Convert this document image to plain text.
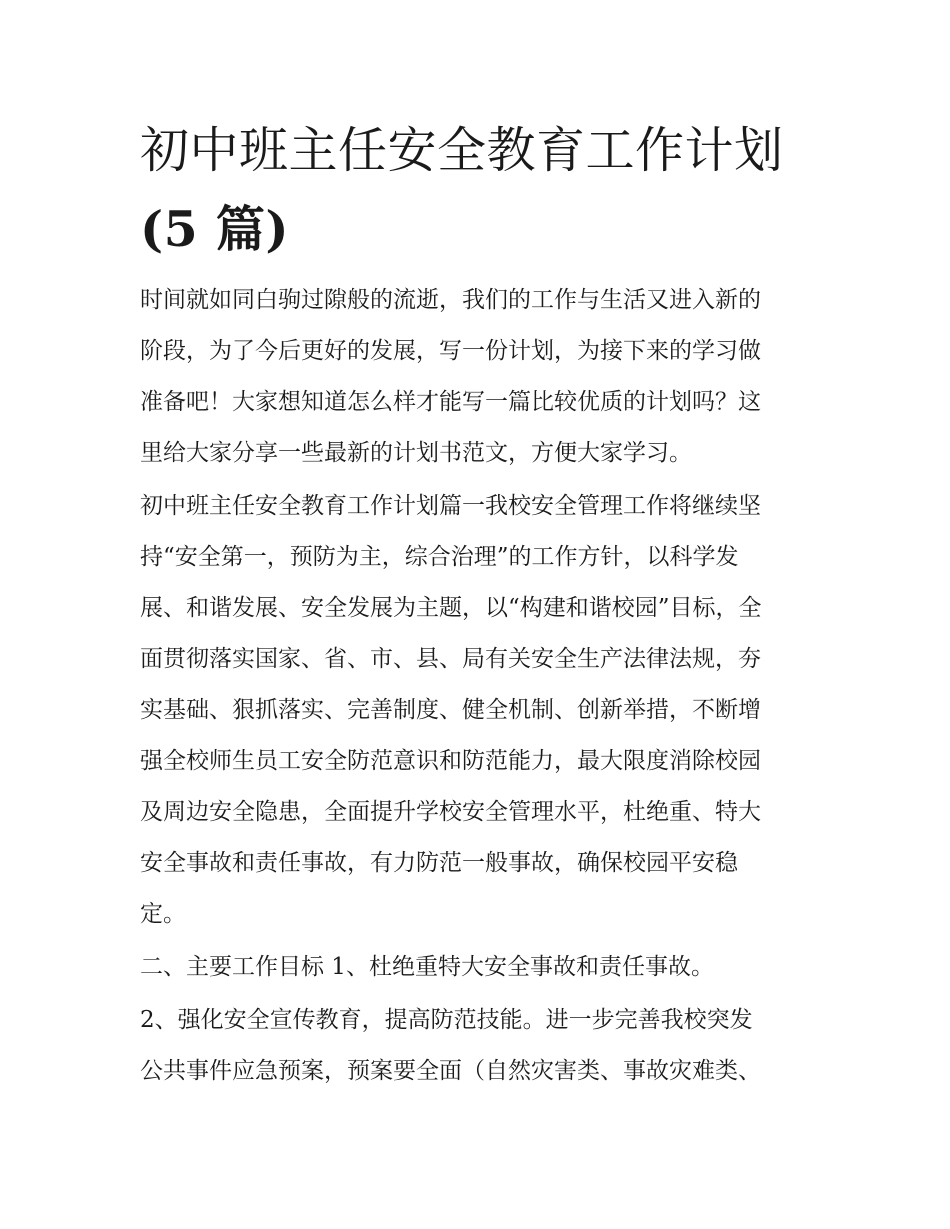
初中班主任安全教育工作计划
(5 篇)
时间就如同白驹过隙般的流逝，我们的工作与生活又进入新的
阶段，为了今后更好的发展，写一份计划，为接下来的学习做
准备吧！大家想知道怎么样才能写一篇比较优质的计划吗？这
里给大家分享一些最新的计划书范文，方便大家学习。
初中班主任安全教育工作计划篇一我校安全管理工作将继续坚
持“安全第一，预防为主，综合治理”的工作方针，以科学发
展、和谐发展、安全发展为主题，以“构建和谐校园”目标，全
面贯彻落实国家、省、市、县、局有关安全生产法律法规，夯
实基础、狠抓落实、完善制度、健全机制、创新举措，不断增
强全校师生员工安全防范意识和防范能力，最大限度消除校园
及周边安全隐患，全面提升学校安全管理水平，杜绝重、特大
安全事故和责任事故，有力防范一般事故，确保校园平安稳
定。
二、主要工作目标 1、杜绝重特大安全事故和责任事故。
2、强化安全宣传教育，提高防范技能。进一步完善我校突发
公共事件应急预案，预案要全面（自然灾害类、事故灾难类、
